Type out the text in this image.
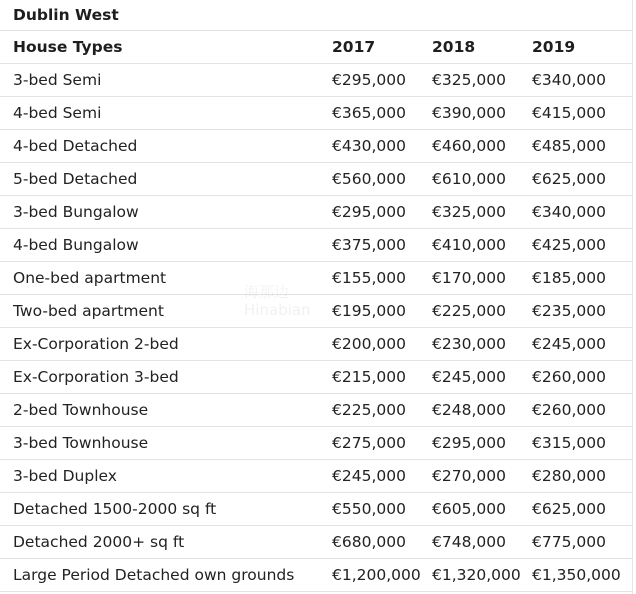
Dublin West
House Types	2017	2018	2019
3-bed Semi	€295,000 €325,000 €340,000
4-bed Semi	€365,000 €390,000 €415,000
4-bed Detached	€430,000 €460,000 €485,000
5-bed Detached	€560,000 €610,000 €625,000
3-bed Bungalow	€295,000 €325,000 €340,000
4-bed Bungalow	€375,000 €410,000 €425,000
One-bed apartment	€155,000 €170,000 €185,000
Two-bed apartment	€195,000 €225,000 €235,000
Ex-Corporation 2-bed	€200,000 €230,000 €245,000
Ex-Corporation 3-bed	€215,000 €245,000 €260,000
2-bed Townhouse	€225,000 €248,000 €260,000
3-bed Townhouse	€275,000 €295,000 €315,000
3-bed Duplex	€245,000 €270,000 €280,000
Detached 1500-2000 sq ft	€550,000 €605,000 €625,000
Detached 2000+ sq ft	€680,000 €748,000 €775,000
Large Period Detached own grounds €1,200,000 €1,320,000 €1,350,000
海那边
Hinabian
